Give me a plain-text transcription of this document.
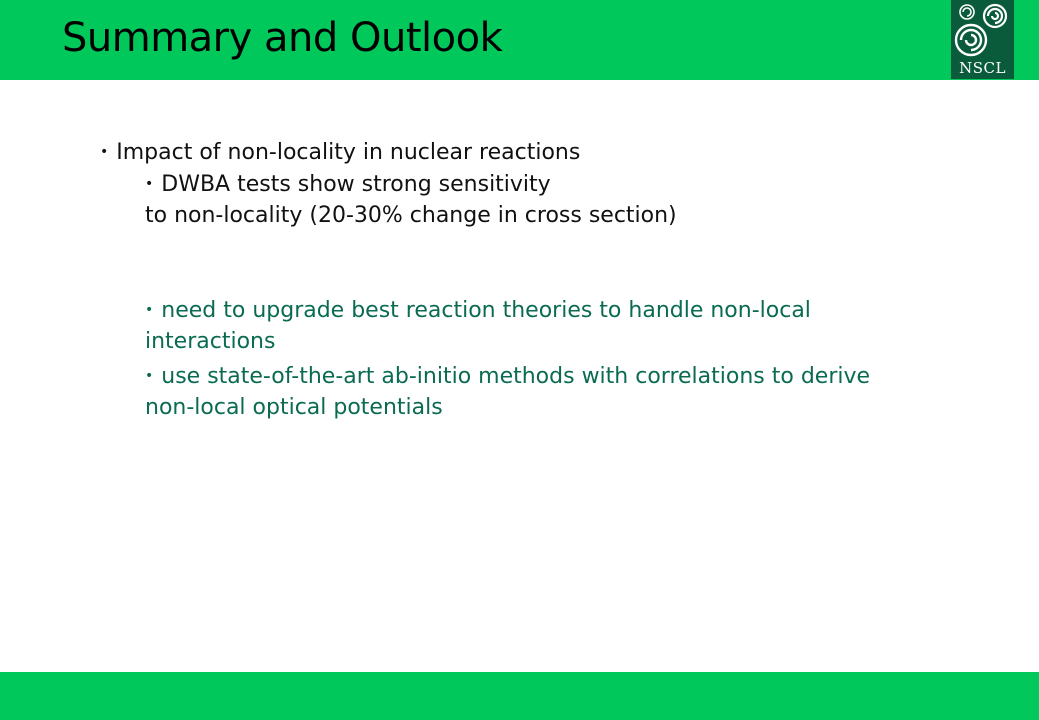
Summary and Outlook
NSCL

• Impact of non-locality in nuclear reactions

• DWBA tests show strong sensitivity

to non-locality (20-30% change in cross section)

• need to upgrade best reaction theories to handle non-local

interactions

• use state-of-the-art ab-initio methods with correlations to derive

non-local optical potentials
